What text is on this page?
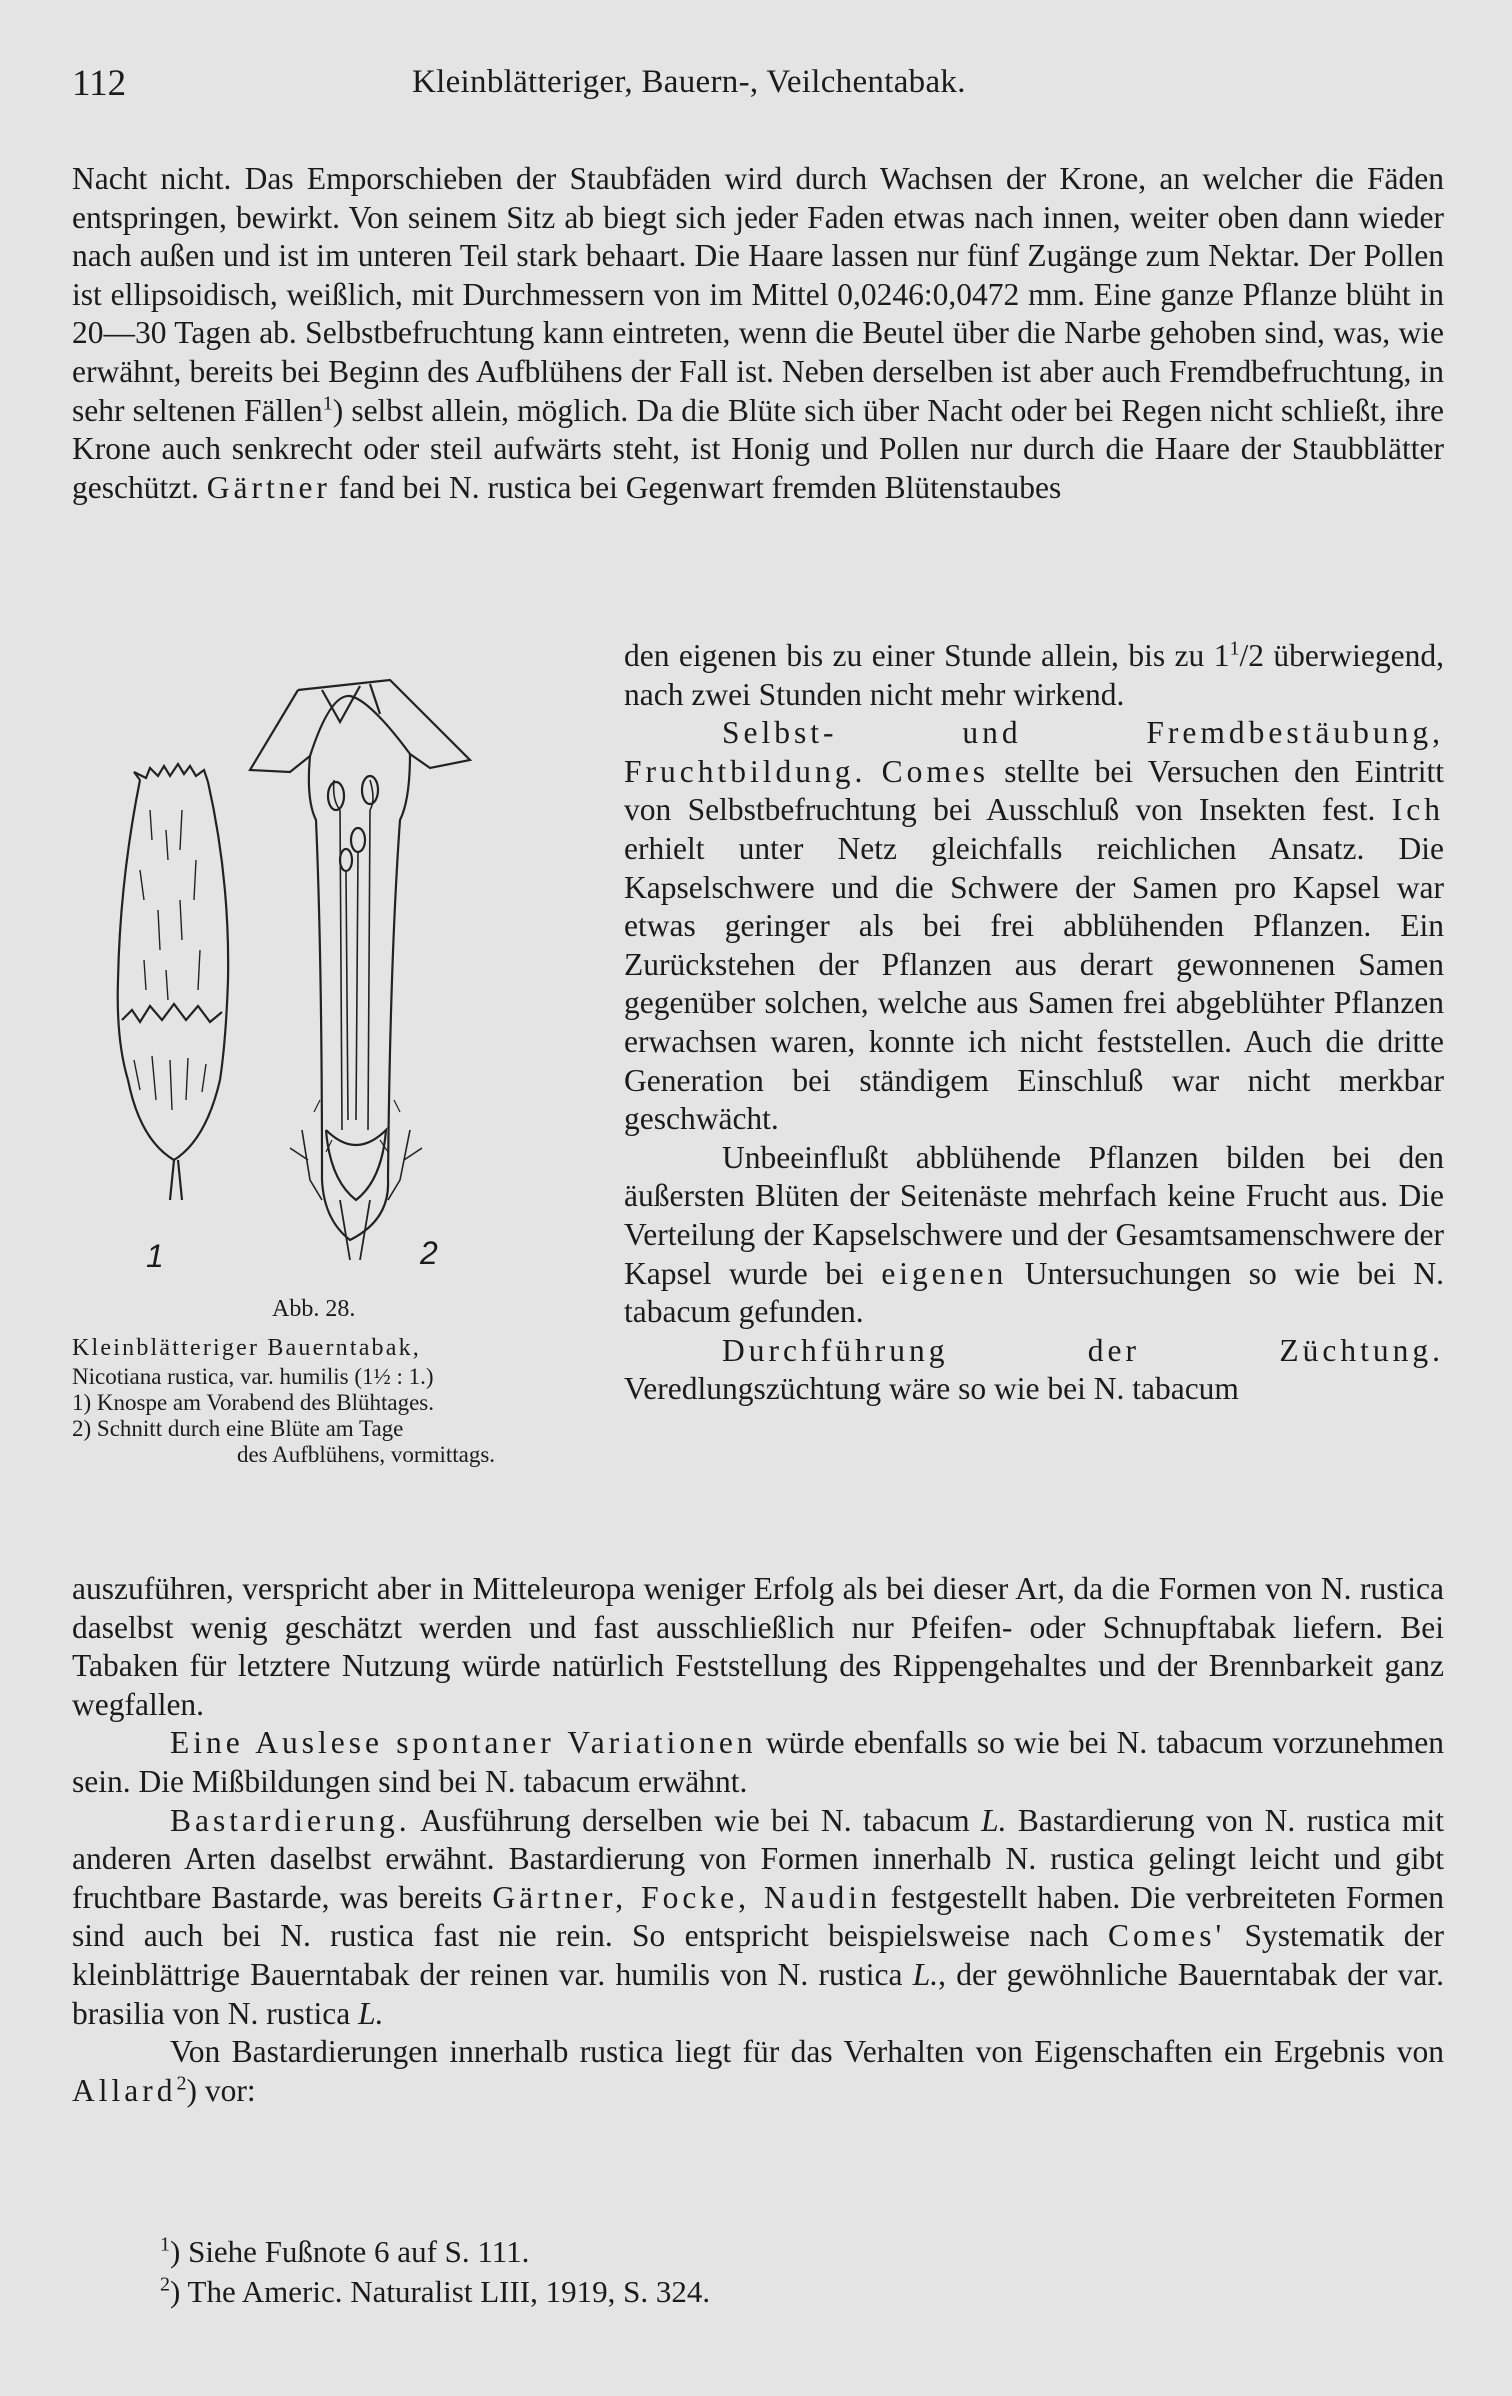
112	Kleinblätteriger, Bauern-, Veilchentabak.

Nacht nicht. Das Emporschieben der Staubfäden wird durch Wachsen der Krone, an welcher die Fäden entspringen, bewirkt. Von seinem Sitz ab biegt sich jeder Faden etwas nach innen, weiter oben dann wieder nach außen und ist im unteren Teil stark behaart. Die Haare lassen nur fünf Zugänge zum Nektar. Der Pollen ist ellipsoidisch, weißlich, mit Durchmessern von im Mittel 0,0246:0,0472 mm. Eine ganze Pflanze blüht in 20—30 Tagen ab. Selbstbefruchtung kann eintreten, wenn die Beutel über die Narbe gehoben sind, was, wie erwähnt, bereits bei Beginn des Aufblühens der Fall ist. Neben derselben ist aber auch Fremdbefruchtung, in sehr seltenen Fällen$^1$) selbst allein, möglich. Da die Blüte sich über Nacht oder bei Regen nicht schließt, ihre Krone auch senkrecht oder steil aufwärts steht, ist Honig und Pollen nur durch die Haare der Staubblätter geschützt. Gärtner fand bei N. rustica bei Gegenwart fremden Blütenstaubes

1	2
Abb. 28.
Kleinblätteriger Bauerntabak,
Nicotiana rustica, var. humilis (1½ : 1.)
1) Knospe am Vorabend des Blühtages.
2) Schnitt durch eine Blüte am Tage
des Aufblühens, vormittags.

den eigenen bis zu einer Stunde allein, bis zu $1^1/2$ überwiegend, nach zwei Stunden nicht mehr wirkend.

Selbst- und Fremdbestäubung, Fruchtbildung. Comes stellte bei Versuchen den Eintritt von Selbstbefruchtung bei Ausschluß von Insekten fest. Ich erhielt unter Netz gleichfalls reichlichen Ansatz. Die Kapselschwere und die Schwere der Samen pro Kapsel war etwas geringer als bei frei abblühenden Pflanzen. Ein Zurückstehen der Pflanzen aus derart gewonnenen Samen gegenüber solchen, welche aus Samen frei abgeblühter Pflanzen erwachsen waren, konnte ich nicht feststellen. Auch die dritte Generation bei ständigem Einschluß war nicht merkbar geschwächt.

Unbeeinflußt abblühende Pflanzen bilden bei den äußersten Blüten der Seitenäste mehrfach keine Frucht aus. Die Verteilung der Kapselschwere und der Gesamtsamenschwere der Kapsel wurde bei eigenen Untersuchungen so wie bei N. tabacum gefunden.

Durchführung der Züchtung. Veredlungszüchtung wäre so wie bei N. tabacum

auszuführen, verspricht aber in Mitteleuropa weniger Erfolg als bei dieser Art, da die Formen von N. rustica daselbst wenig geschätzt werden und fast ausschließlich nur Pfeifen- oder Schnupftabak liefern. Bei Tabaken für letztere Nutzung würde natürlich Feststellung des Rippengehaltes und der Brennbarkeit ganz wegfallen.

Eine Auslese spontaner Variationen würde ebenfalls so wie bei N. tabacum vorzunehmen sein. Die Mißbildungen sind bei N. tabacum erwähnt.

Bastardierung. Ausführung derselben wie bei N. tabacum L. Bastardierung von N. rustica mit anderen Arten daselbst erwähnt. Bastardierung von Formen innerhalb N. rustica gelingt leicht und gibt fruchtbare Bastarde, was bereits Gärtner, Focke, Naudin festgestellt haben. Die verbreiteten Formen sind auch bei N. rustica fast nie rein. So entspricht beispielsweise nach Comes' Systematik der kleinblättrige Bauerntabak der reinen var. humilis von N. rustica L., der gewöhnliche Bauerntabak der var. brasilia von N. rustica L.

Von Bastardierungen innerhalb rustica liegt für das Verhalten von Eigenschaften ein Ergebnis von Allard$^2$) vor:

$^1$) Siehe Fußnote 6 auf S. 111.
$^2$) The Americ. Naturalist LIII, 1919, S. 324.
